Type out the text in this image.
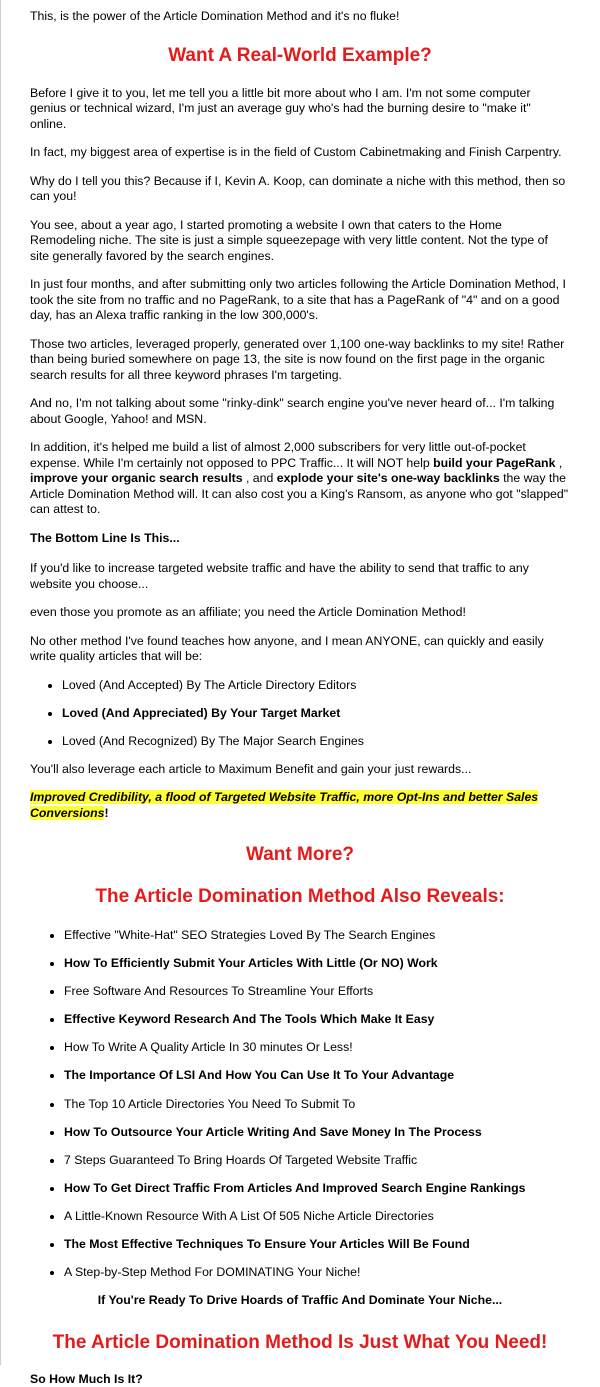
This, is the power of the Article Domination Method and it's no fluke!

Want A Real-World Example?

Before I give it to you, let me tell you a little bit more about who I am. I'm not some computer genius or technical wizard, I'm just an average guy who's had the burning desire to "make it" online.

In fact, my biggest area of expertise is in the field of Custom Cabinetmaking and Finish Carpentry.

Why do I tell you this? Because if I, Kevin A. Koop, can dominate a niche with this method, then so can you!

You see, about a year ago, I started promoting a website I own that caters to the Home Remodeling niche. The site is just a simple squeezepage with very little content. Not the type of site generally favored by the search engines.

In just four months, and after submitting only two articles following the Article Domination Method, I took the site from no traffic and no PageRank, to a site that has a PageRank of "4" and on a good day, has an Alexa traffic ranking in the low 300,000's.

Those two articles, leveraged properly, generated over 1,100 one-way backlinks to my site! Rather than being buried somewhere on page 13, the site is now found on the first page in the organic search results for all three keyword phrases I'm targeting.

And no, I'm not talking about some "rinky-dink" search engine you've never heard of... I'm talking about Google, Yahoo! and MSN.

In addition, it's helped me build a list of almost 2,000 subscribers for very little out-of-pocket expense. While I'm certainly not opposed to PPC Traffic... It will NOT help build your PageRank , improve your organic search results , and explode your site's one-way backlinks the way the Article Domination Method will. It can also cost you a King's Ransom, as anyone who got "slapped" can attest to.

The Bottom Line Is This...

If you'd like to increase targeted website traffic and have the ability to send that traffic to any website you choose...

even those you promote as an affiliate; you need the Article Domination Method!

No other method I've found teaches how anyone, and I mean ANYONE, can quickly and easily write quality articles that will be:

Loved (And Accepted) By The Article Directory Editors
Loved (And Appreciated) By Your Target Market
Loved (And Recognized) By The Major Search Engines

You'll also leverage each article to Maximum Benefit and gain your just rewards...

Improved Credibility, a flood of Targeted Website Traffic, more Opt-Ins and better Sales Conversions!

Want More?
The Article Domination Method Also Reveals:
Effective "White-Hat" SEO Strategies Loved By The Search Engines
How To Efficiently Submit Your Articles With Little (Or NO) Work
Free Software And Resources To Streamline Your Efforts
Effective Keyword Research And The Tools Which Make It Easy
How To Write A Quality Article In 30 minutes Or Less!
The Importance Of LSI And How You Can Use It To Your Advantage
The Top 10 Article Directories You Need To Submit To
How To Outsource Your Article Writing And Save Money In The Process
7 Steps Guaranteed To Bring Hoards Of Targeted Website Traffic
How To Get Direct Traffic From Articles And Improved Search Engine Rankings
A Little-Known Resource With A List Of 505 Niche Article Directories
The Most Effective Techniques To Ensure Your Articles Will Be Found
A Step-by-Step Method For DOMINATING Your Niche!

If You're Ready To Drive Hoards of Traffic And Dominate Your Niche...

The Article Domination Method Is Just What You Need!

So How Much Is It?
